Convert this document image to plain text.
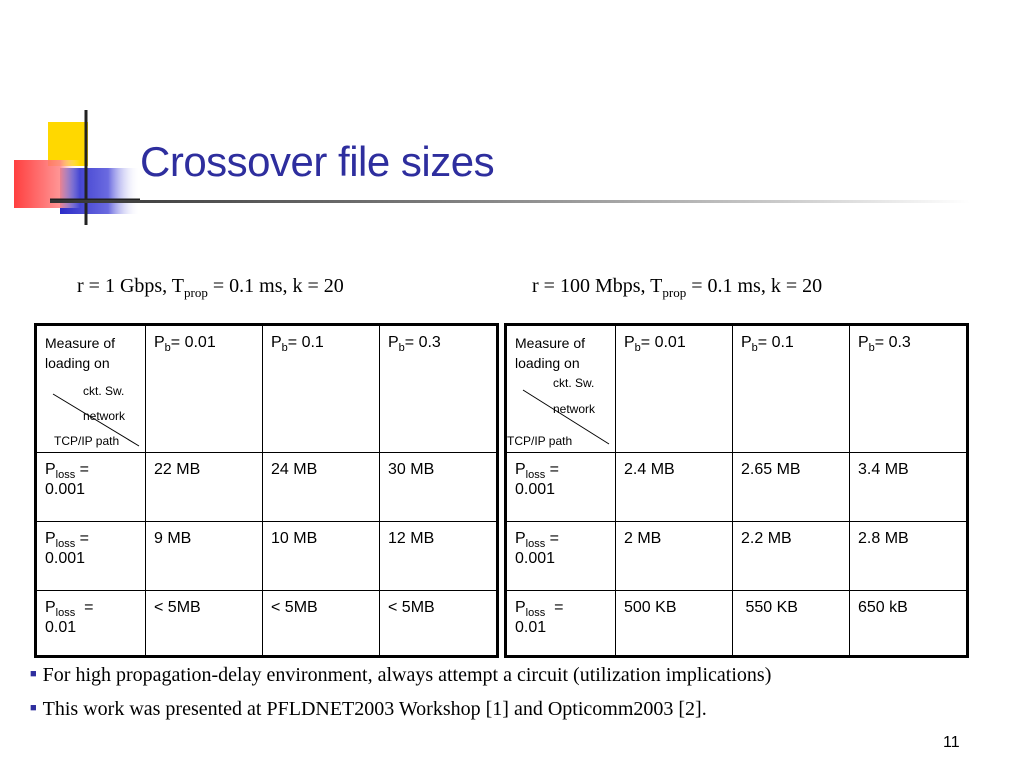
Crossover file sizes
r = 1 Gbps, $T_{prop} = 0.1$ ms, k = 20	r = 100 Mbps, $T_{prop} = 0.1$ ms, k = 20
Measure of
loading on
ckt. Sw.
network
TCP/IP path	$P_b= 0.01$	$P_b= 0.1$	$P_b= 0.3$
$P_{loss}$ =
0.001	22 MB	24 MB	30 MB
$P_{loss}$ =
0.001	9 MB	10 MB	12 MB
$P_{loss}$  =
0.01	< 5MB	< 5MB	< 5MB
Measure of
loading on
ckt. Sw.
network
TCP/IP path	$P_b= 0.01$	$P_b= 0.1$	$P_b= 0.3$
$P_{loss}$ =
0.001	2.4 MB	2.65 MB	3.4 MB
$P_{loss}$ =
0.001	2 MB	2.2 MB	2.8 MB
$P_{loss}$  =
0.01	500 KB	550 KB	650 kB
■ For high propagation-delay environment, always attempt a circuit (utilization implications)
■ This work was presented at PFLDNET2003 Workshop [1] and Opticomm2003 [2].
11
